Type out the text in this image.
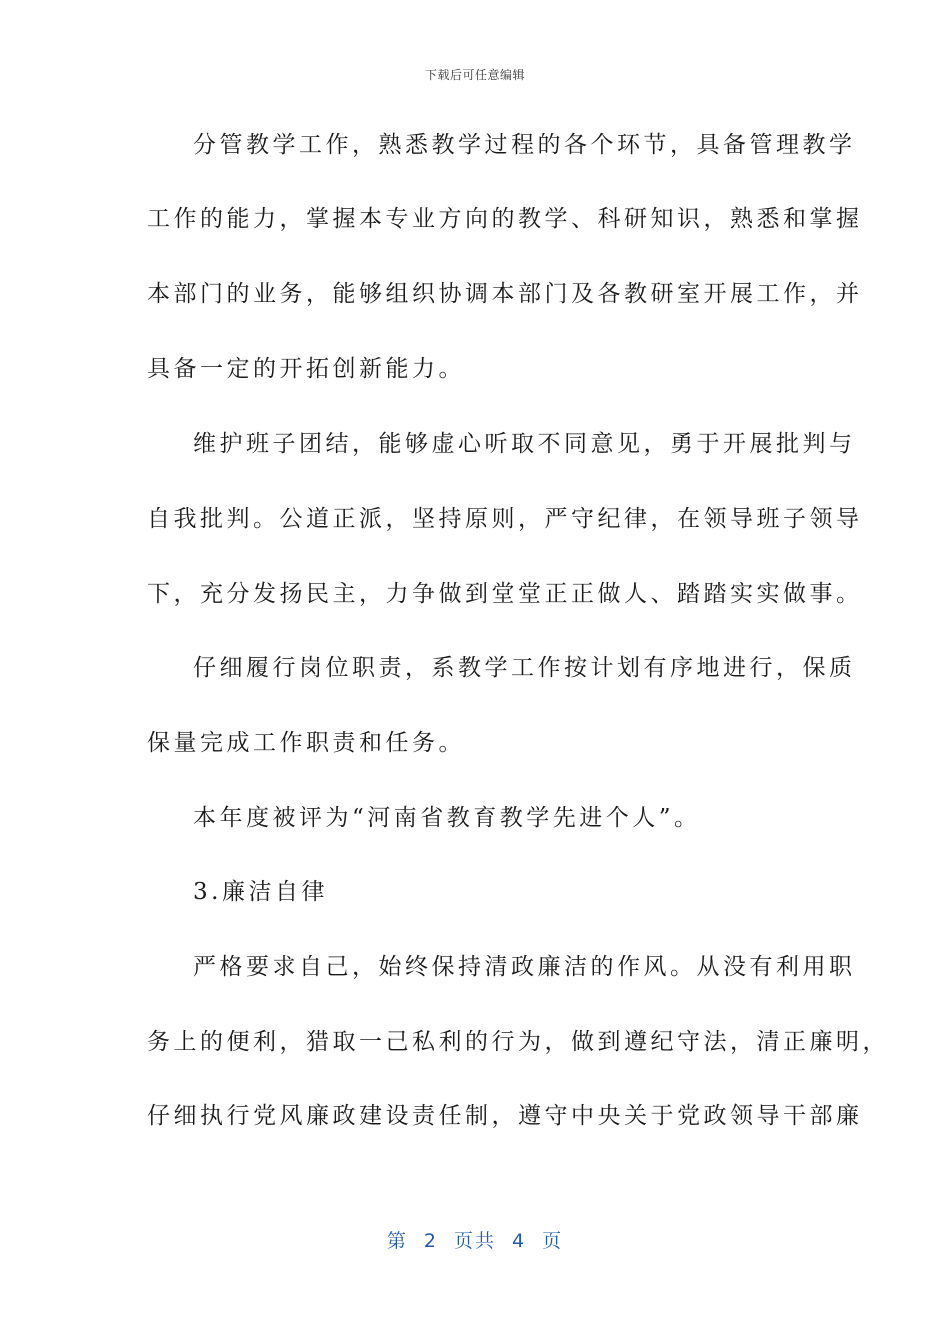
下载后可任意编辑
分管教学工作，熟悉教学过程的各个环节，具备管理教学
工作的能力，掌握本专业方向的教学、科研知识，熟悉和掌握
本部门的业务，能够组织协调本部门及各教研室开展工作，并
具备一定的开拓创新能力。
维护班子团结，能够虚心听取不同意见，勇于开展批判与
自我批判。公道正派，坚持原则，严守纪律，在领导班子领导
下，充分发扬民主，力争做到堂堂正正做人、踏踏实实做事。
仔细履行岗位职责，系教学工作按计划有序地进行，保质
保量完成工作职责和任务。
本年度被评为“河南省教育教学先进个人”。
3.廉洁自律
严格要求自己，始终保持清政廉洁的作风。从没有利用职
务上的便利，猎取一己私利的行为，做到遵纪守法，清正廉明，
仔细执行党风廉政建设责任制，遵守中央关于党政领导干部廉
第 2 页共 4 页
